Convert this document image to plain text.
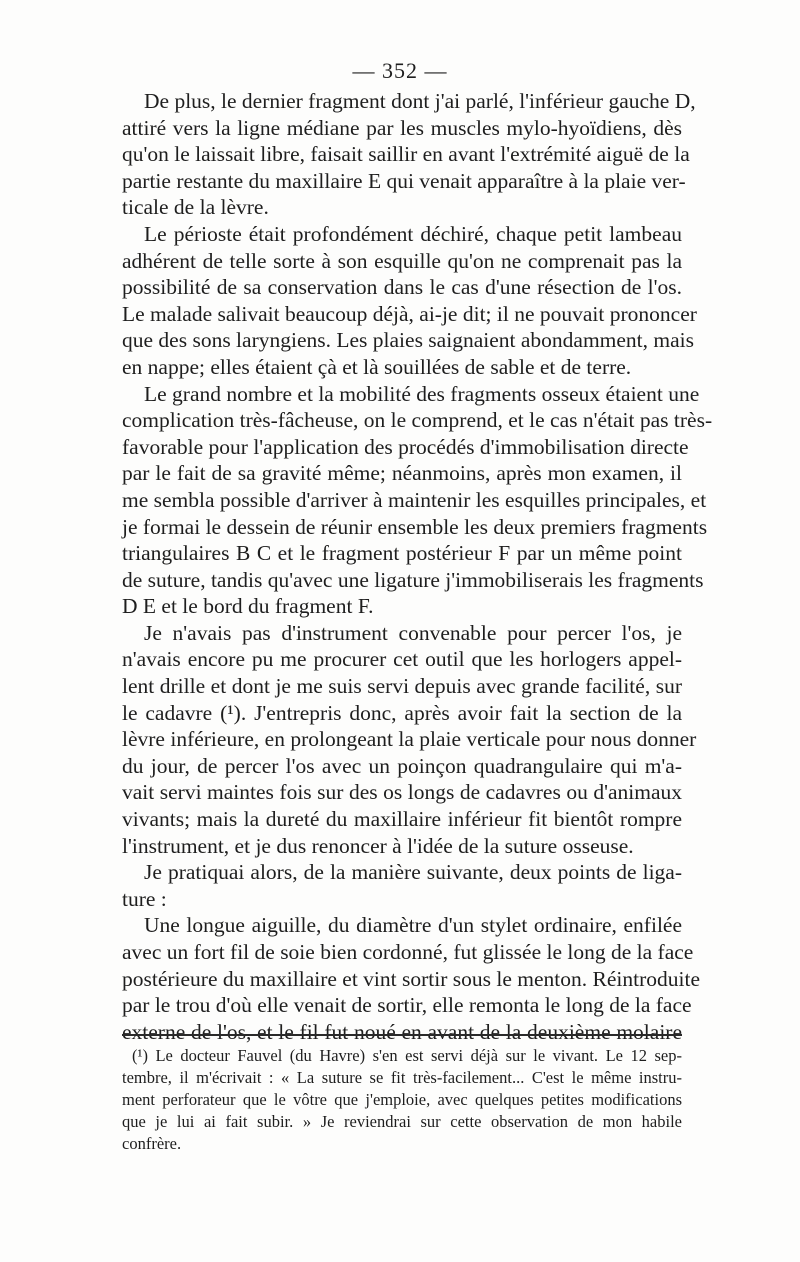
— 352 —
De plus, le dernier fragment dont j'ai parlé, l'inférieur gauche D,
attiré vers la ligne médiane par les muscles mylo-hyoïdiens, dès
qu'on le laissait libre, faisait saillir en avant l'extrémité aiguë de la
partie restante du maxillaire E qui venait apparaître à la plaie ver-
ticale de la lèvre.
Le périoste était profondément déchiré, chaque petit lambeau
adhérent de telle sorte à son esquille qu'on ne comprenait pas la
possibilité de sa conservation dans le cas d'une résection de l'os.
Le malade salivait beaucoup déjà, ai-je dit; il ne pouvait prononcer
que des sons laryngiens. Les plaies saignaient abondamment, mais
en nappe; elles étaient çà et là souillées de sable et de terre.
Le grand nombre et la mobilité des fragments osseux étaient une
complication très-fâcheuse, on le comprend, et le cas n'était pas très-
favorable pour l'application des procédés d'immobilisation directe
par le fait de sa gravité même; néanmoins, après mon examen, il
me sembla possible d'arriver à maintenir les esquilles principales, et
je formai le dessein de réunir ensemble les deux premiers fragments
triangulaires B C et le fragment postérieur F par un même point
de suture, tandis qu'avec une ligature j'immobiliserais les fragments
D E et le bord du fragment F.
Je n'avais pas d'instrument convenable pour percer l'os, je
n'avais encore pu me procurer cet outil que les horlogers appel-
lent drille et dont je me suis servi depuis avec grande facilité, sur
le cadavre (¹). J'entrepris donc, après avoir fait la section de la
lèvre inférieure, en prolongeant la plaie verticale pour nous donner
du jour, de percer l'os avec un poinçon quadrangulaire qui m'a-
vait servi maintes fois sur des os longs de cadavres ou d'animaux
vivants; mais la dureté du maxillaire inférieur fit bientôt rompre
l'instrument, et je dus renoncer à l'idée de la suture osseuse.
Je pratiquai alors, de la manière suivante, deux points de liga-
ture :
Une longue aiguille, du diamètre d'un stylet ordinaire, enfilée
avec un fort fil de soie bien cordonné, fut glissée le long de la face
postérieure du maxillaire et vint sortir sous le menton. Réintroduite
par le trou d'où elle venait de sortir, elle remonta le long de la face
externe de l'os, et le fil fut noué en avant de la deuxième molaire
(¹) Le docteur Fauvel (du Havre) s'en est servi déjà sur le vivant. Le 12 sep-
tembre, il m'écrivait : « La suture se fit très-facilement... C'est le même instru-
ment perforateur que le vôtre que j'emploie, avec quelques petites modifications
que je lui ai fait subir. » Je reviendrai sur cette observation de mon habile
confrère.
